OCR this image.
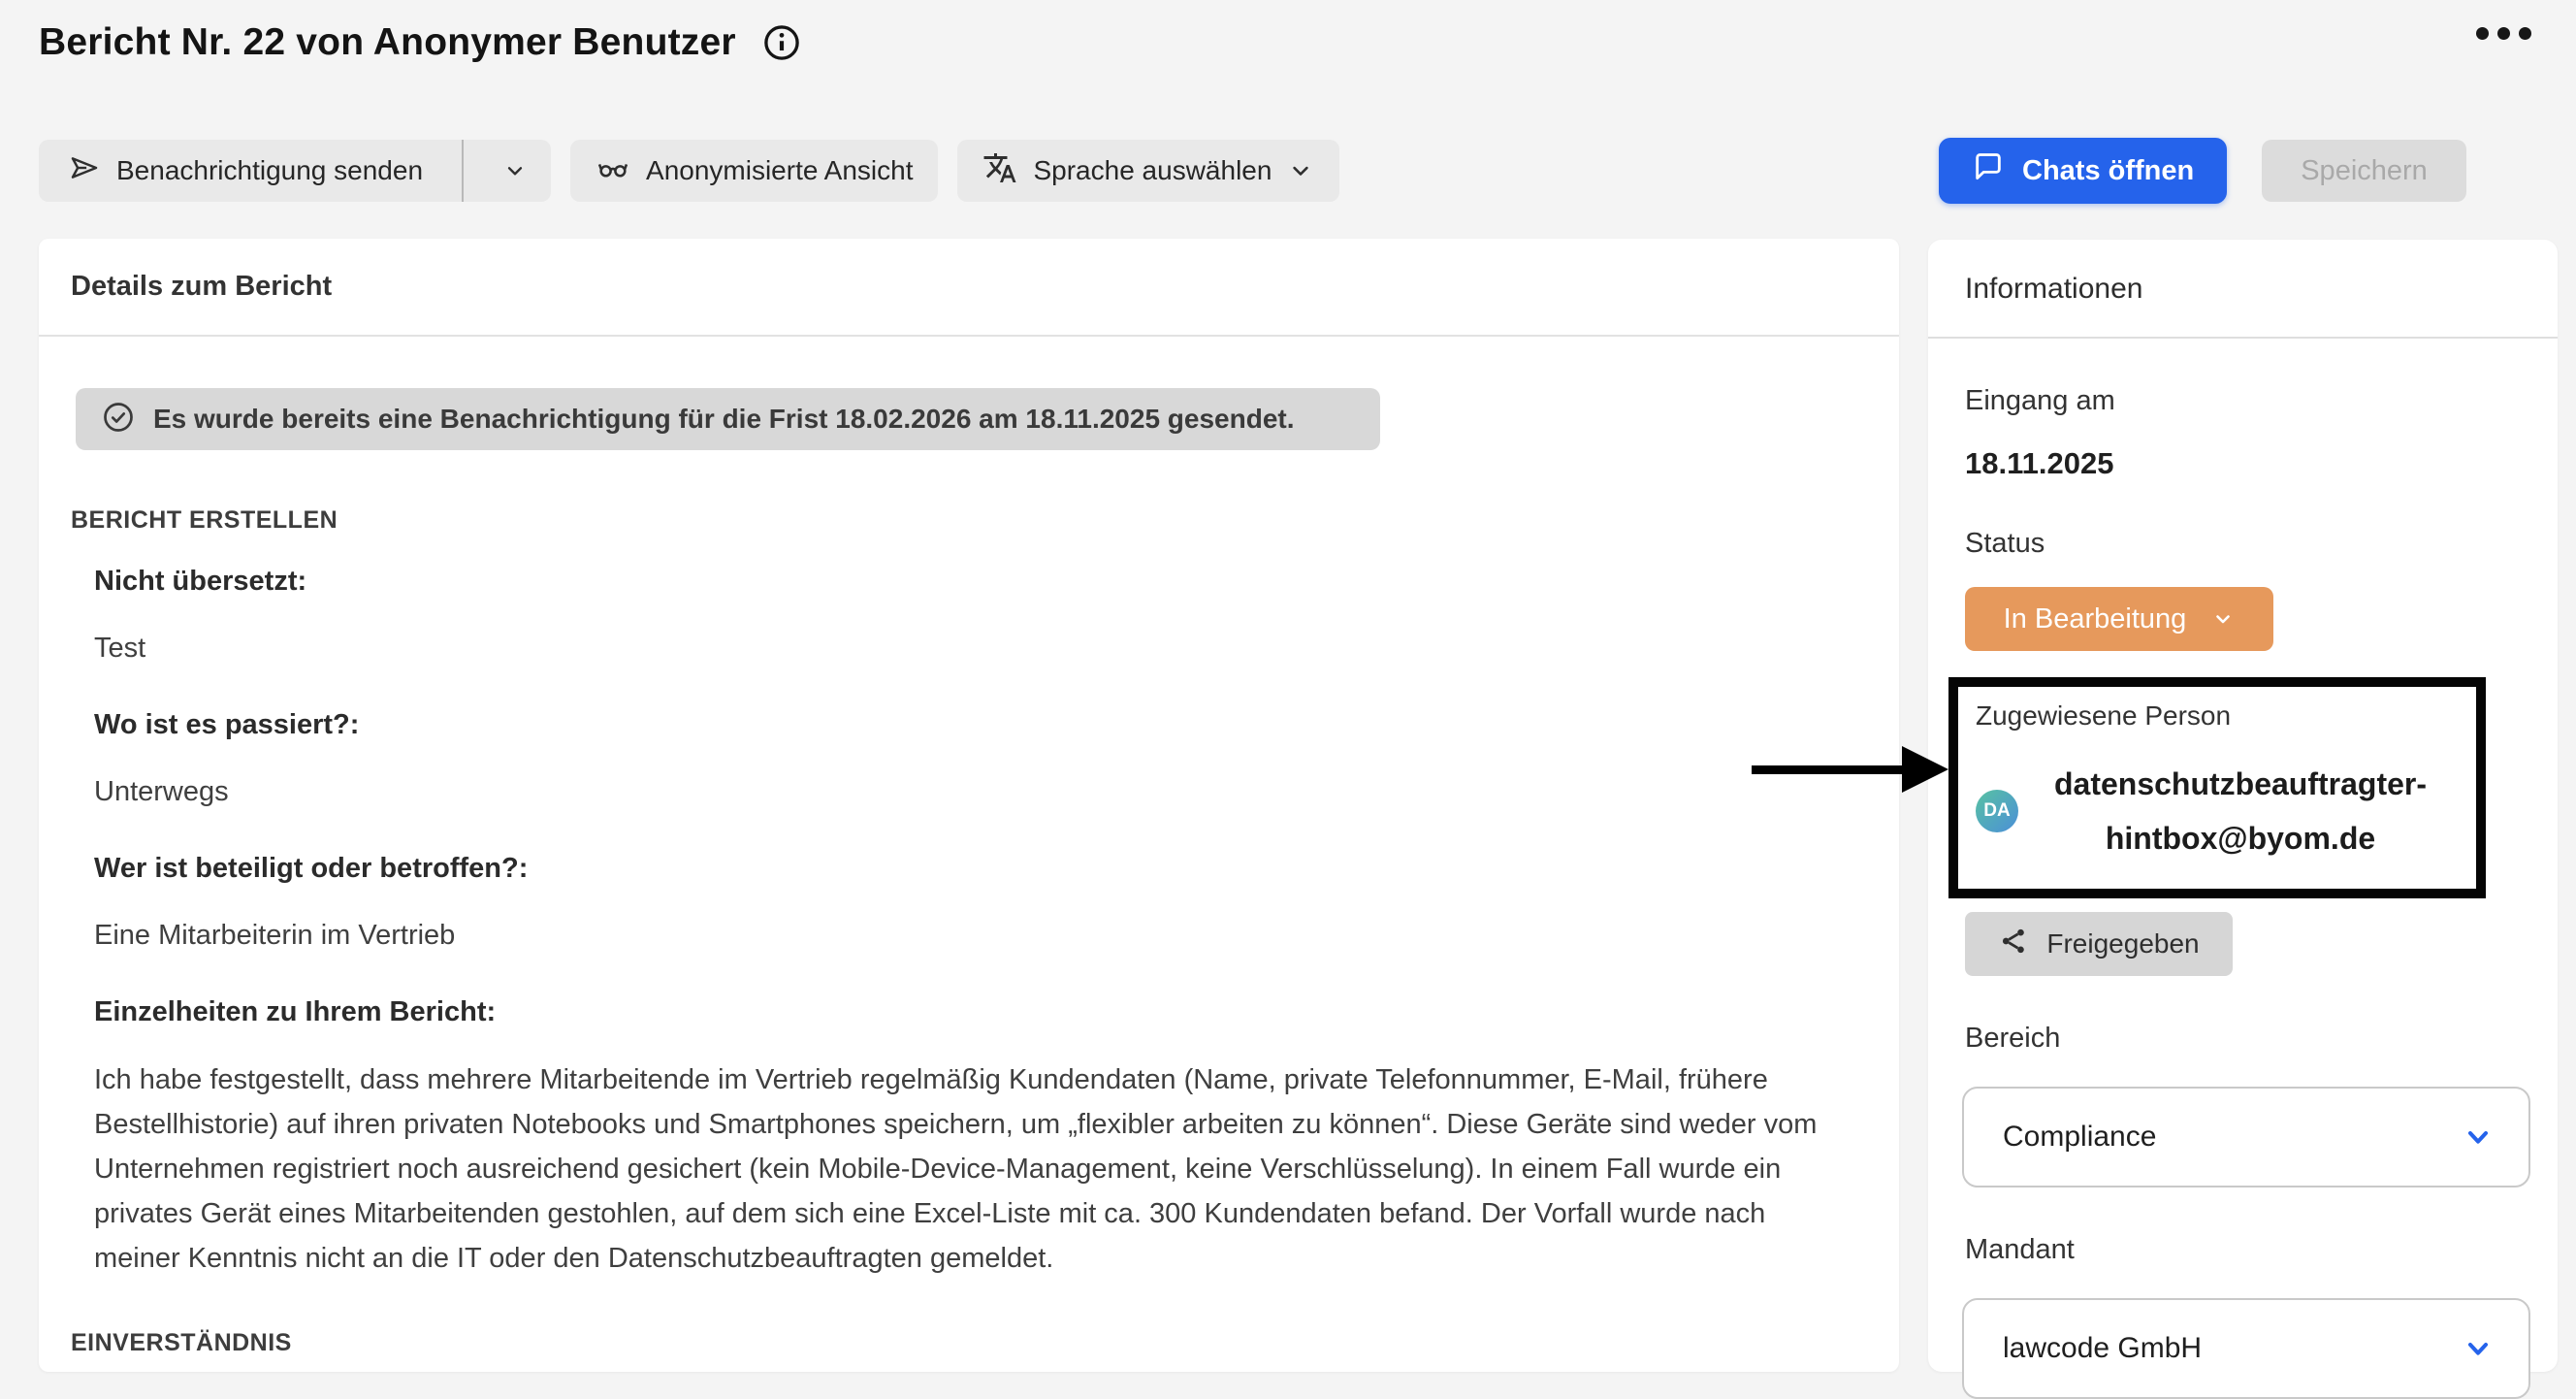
Bericht Nr. 22 von Anonymer Benutzer
Benachrichtigung senden	Anonymisierte Ansicht	Sprache auswählen	Chats öffnen	Speichern
Details zum Bericht
Es wurde bereits eine Benachrichtigung für die Frist 18.02.2026 am 18.11.2025 gesendet.
BERICHT ERSTELLEN
Nicht übersetzt:
Test
Wo ist es passiert?:
Unterwegs
Wer ist beteiligt oder betroffen?:
Eine Mitarbeiterin im Vertrieb
Einzelheiten zu Ihrem Bericht:
Ich habe festgestellt, dass mehrere Mitarbeitende im Vertrieb regelmäßig Kundendaten (Name, private Telefonnummer, E-Mail, frühere Bestellhistorie) auf ihren privaten Notebooks und Smartphones speichern, um „flexibler arbeiten zu können“. Diese Geräte sind weder vom Unternehmen registriert noch ausreichend gesichert (kein Mobile-Device-Management, keine Verschlüsselung). In einem Fall wurde ein privates Gerät eines Mitarbeitenden gestohlen, auf dem sich eine Excel-Liste mit ca. 300 Kundendaten befand. Der Vorfall wurde nach meiner Kenntnis nicht an die IT oder den Datenschutzbeauftragten gemeldet.
EINVERSTÄNDNIS
Informationen
Eingang am
18.11.2025
Status
In Bearbeitung
Zugewiesene Person
DA
datenschutzbeauftragter-hintbox@byom.de
Freigegeben
Bereich
Compliance
Mandant
lawcode GmbH
